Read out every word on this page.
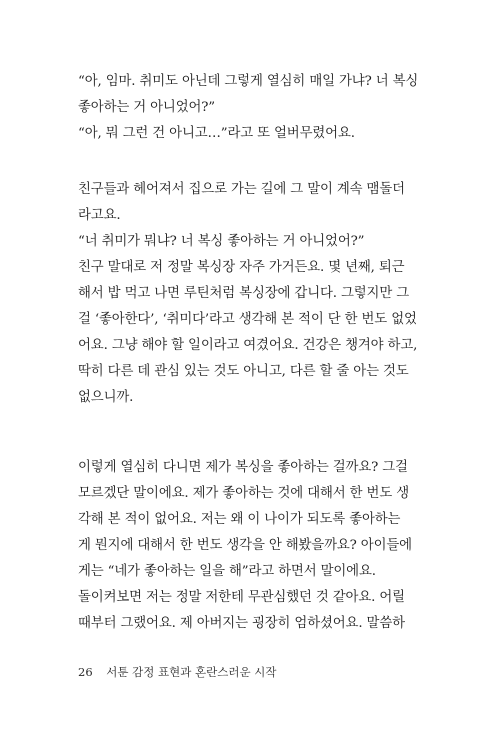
“아, 임마. 취미도 아닌데 그렇게 열심히 매일 가냐? 너 복싱
좋아하는 거 아니었어?”
“아, 뭐 그런 건 아니고…”라고 또 얼버무렸어요.
친구들과 헤어져서 집으로 가는 길에 그 말이 계속 맴돌더
라고요.
“너 취미가 뭐냐? 너 복싱 좋아하는 거 아니었어?”
친구 말대로 저 정말 복싱장 자주 가거든요. 몇 년째, 퇴근
해서 밥 먹고 나면 루틴처럼 복싱장에 갑니다. 그렇지만 그
걸 ‘좋아한다’, ‘취미다’라고 생각해 본 적이 단 한 번도 없었
어요. 그냥 해야 할 일이라고 여겼어요. 건강은 챙겨야 하고,
딱히 다른 데 관심 있는 것도 아니고, 다른 할 줄 아는 것도
없으니까.
이렇게 열심히 다니면 제가 복싱을 좋아하는 걸까요? 그걸
모르겠단 말이에요. 제가 좋아하는 것에 대해서 한 번도 생
각해 본 적이 없어요. 저는 왜 이 나이가 되도록 좋아하는
게 뭔지에 대해서 한 번도 생각을 안 해봤을까요? 아이들에
게는 “네가 좋아하는 일을 해”라고 하면서 말이에요.
돌이켜보면 저는 정말 저한테 무관심했던 것 같아요. 어릴
때부터 그랬어요. 제 아버지는 굉장히 엄하셨어요. 말씀하
26 서툰 감정 표현과 혼란스러운 시작
